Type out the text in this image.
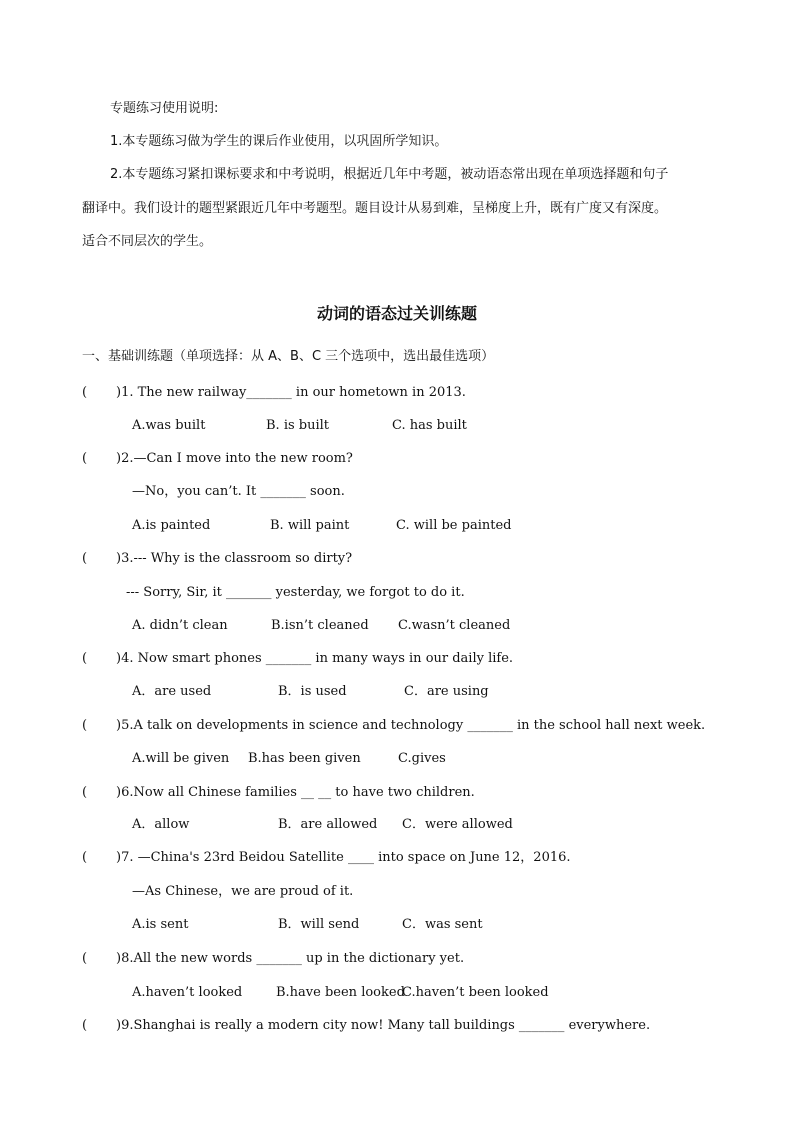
专题练习使用说明:
1.本专题练习做为学生的课后作业使用，以巩固所学知识。
2.本专题练习紧扣课标要求和中考说明，根据近几年中考题，被动语态常出现在单项选择题和句子
翻译中。我们设计的题型紧跟近几年中考题型。题目设计从易到难，呈梯度上升，既有广度又有深度。
适合不同层次的学生。
动词的语态过关训练题
一、基础训练题（单项选择：从 A、B、C 三个选项中，选出最佳选项）
( )1. The new railway_______ in our hometown in 2013.
A.was built	B. is built	C. has built
( )2.—Can I move into the new room?
—No，you can’t. It _______ soon.
A.is painted	B. will paint	C. will be painted
( )3.--- Why is the classroom so dirty?
--- Sorry, Sir, it _______ yesterday, we forgot to do it.
A. didn’t clean	B.isn’t cleaned C.wasn’t cleaned
( )4. Now smart phones _______ in many ways in our daily life.
A．are used	B．is used	C．are using
( )5.A talk on developments in science and technology _______ in the school hall next week.
A.will be given B.has been given	C.gives
( )6.Now all Chinese families __ __ to have two children.
A．allow	B．are allowed C．were allowed
( )7. —China's 23rd Beidou Satellite ____ into space on June 12，2016.
—As Chinese，we are proud of it.
A.is sent	B．will send	C．was sent
( )8.All the new words _______ up in the dictionary yet.
A.haven’t looked	B.have been looked
C.haven’t been looked
( )9.Shanghai is really a modern city now! Many tall buildings _______ everywhere.
